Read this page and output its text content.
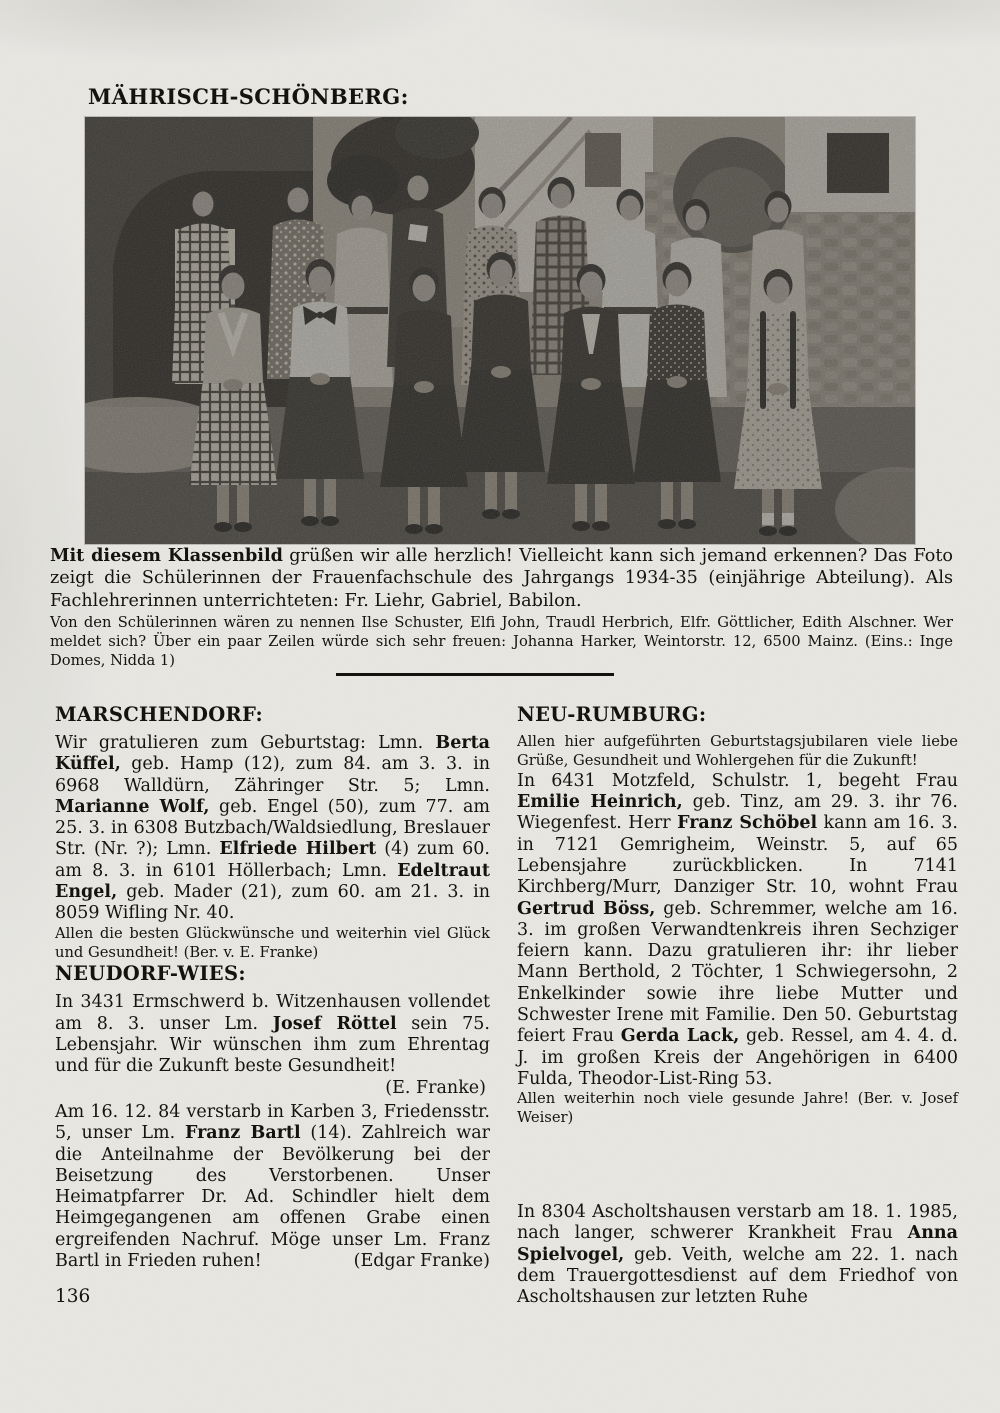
MÄHRISCH-SCHÖNBERG:

Mit diesem Klassenbild grüßen wir alle herzlich! Vielleicht kann sich jemand erkennen? Das Foto zeigt die Schülerinnen der Frauenfachschule des Jahrgangs 1934-35 (einjährige Abteilung). Als Fachlehrerinnen unterrichteten: Fr. Liehr, Gabriel, Babilon.

Von den Schülerinnen wären zu nennen Ilse Schuster, Elfi John, Traudl Herbrich, Elfr. Göttlicher, Edith Alschner. Wer meldet sich? Über ein paar Zeilen würde sich sehr freuen: Johanna Harker, Weintorstr. 12, 6500 Mainz. (Eins.: Inge Domes, Nidda 1)

MARSCHENDORF:

Wir gratulieren zum Geburtstag: Lmn. Berta Küffel, geb. Hamp (12), zum 84. am 3. 3. in 6968 Walldürn, Zähringer Str. 5; Lmn. Marianne Wolf, geb. Engel (50), zum 77. am 25. 3. in 6308 Butzbach/Waldsiedlung, Breslauer Str. (Nr. ?); Lmn. Elfriede Hilbert (4) zum 60. am 8. 3. in 6101 Höllerbach; Lmn. Edeltraut Engel, geb. Mader (21), zum 60. am 21. 3. in 8059 Wifling Nr. 40.

Allen die besten Glückwünsche und weiterhin viel Glück und Gesundheit! (Ber. v. E. Franke)

NEUDORF-WIES:

In 3431 Ermschwerd b. Witzenhausen vollendet am 8. 3. unser Lm. Josef Röttel sein 75. Lebensjahr. Wir wünschen ihm zum Ehrentag und für die Zukunft beste Gesundheit!

(E. Franke)

Am 16. 12. 84 verstarb in Karben 3, Friedensstr. 5, unser Lm. Franz Bartl (14). Zahlreich war die Anteilnahme der Bevölkerung bei der Beisetzung des Verstorbenen. Unser Heimatpfarrer Dr. Ad. Schindler hielt dem Heimgegangenen am offenen Grabe einen ergreifenden Nachruf. Möge unser Lm. Franz Bartl in Frieden ruhen!	(Edgar Franke)

NEU-RUMBURG:

Allen hier aufgeführten Geburtstagsjubilaren viele liebe Grüße, Gesundheit und Wohlergehen für die Zukunft!

In 6431 Motzfeld, Schulstr. 1, begeht Frau Emilie Heinrich, geb. Tinz, am 29. 3. ihr 76. Wiegenfest. Herr Franz Schöbel kann am 16. 3. in 7121 Gemrigheim, Weinstr. 5, auf 65 Lebensjahre zurückblicken. In 7141 Kirchberg/Murr, Danziger Str. 10, wohnt Frau Gertrud Böss, geb. Schremmer, welche am 16. 3. im großen Verwandtenkreis ihren Sechziger feiern kann. Dazu gratulieren ihr: ihr lieber Mann Berthold, 2 Töchter, 1 Schwiegersohn, 2 Enkelkinder sowie ihre liebe Mutter und Schwester Irene mit Familie. Den 50. Geburtstag feiert Frau Gerda Lack, geb. Ressel, am 4. 4. d. J. im großen Kreis der Angehörigen in 6400 Fulda, Theodor-List-Ring 53.

Allen weiterhin noch viele gesunde Jahre! (Ber. v. Josef Weiser)

In 8304 Ascholtshausen verstarb am 18. 1. 1985, nach langer, schwerer Krankheit Frau Anna Spielvogel, geb. Veith, welche am 22. 1. nach dem Trauergottesdienst auf dem Friedhof von Ascholtshausen zur letzten Ruhe

136
